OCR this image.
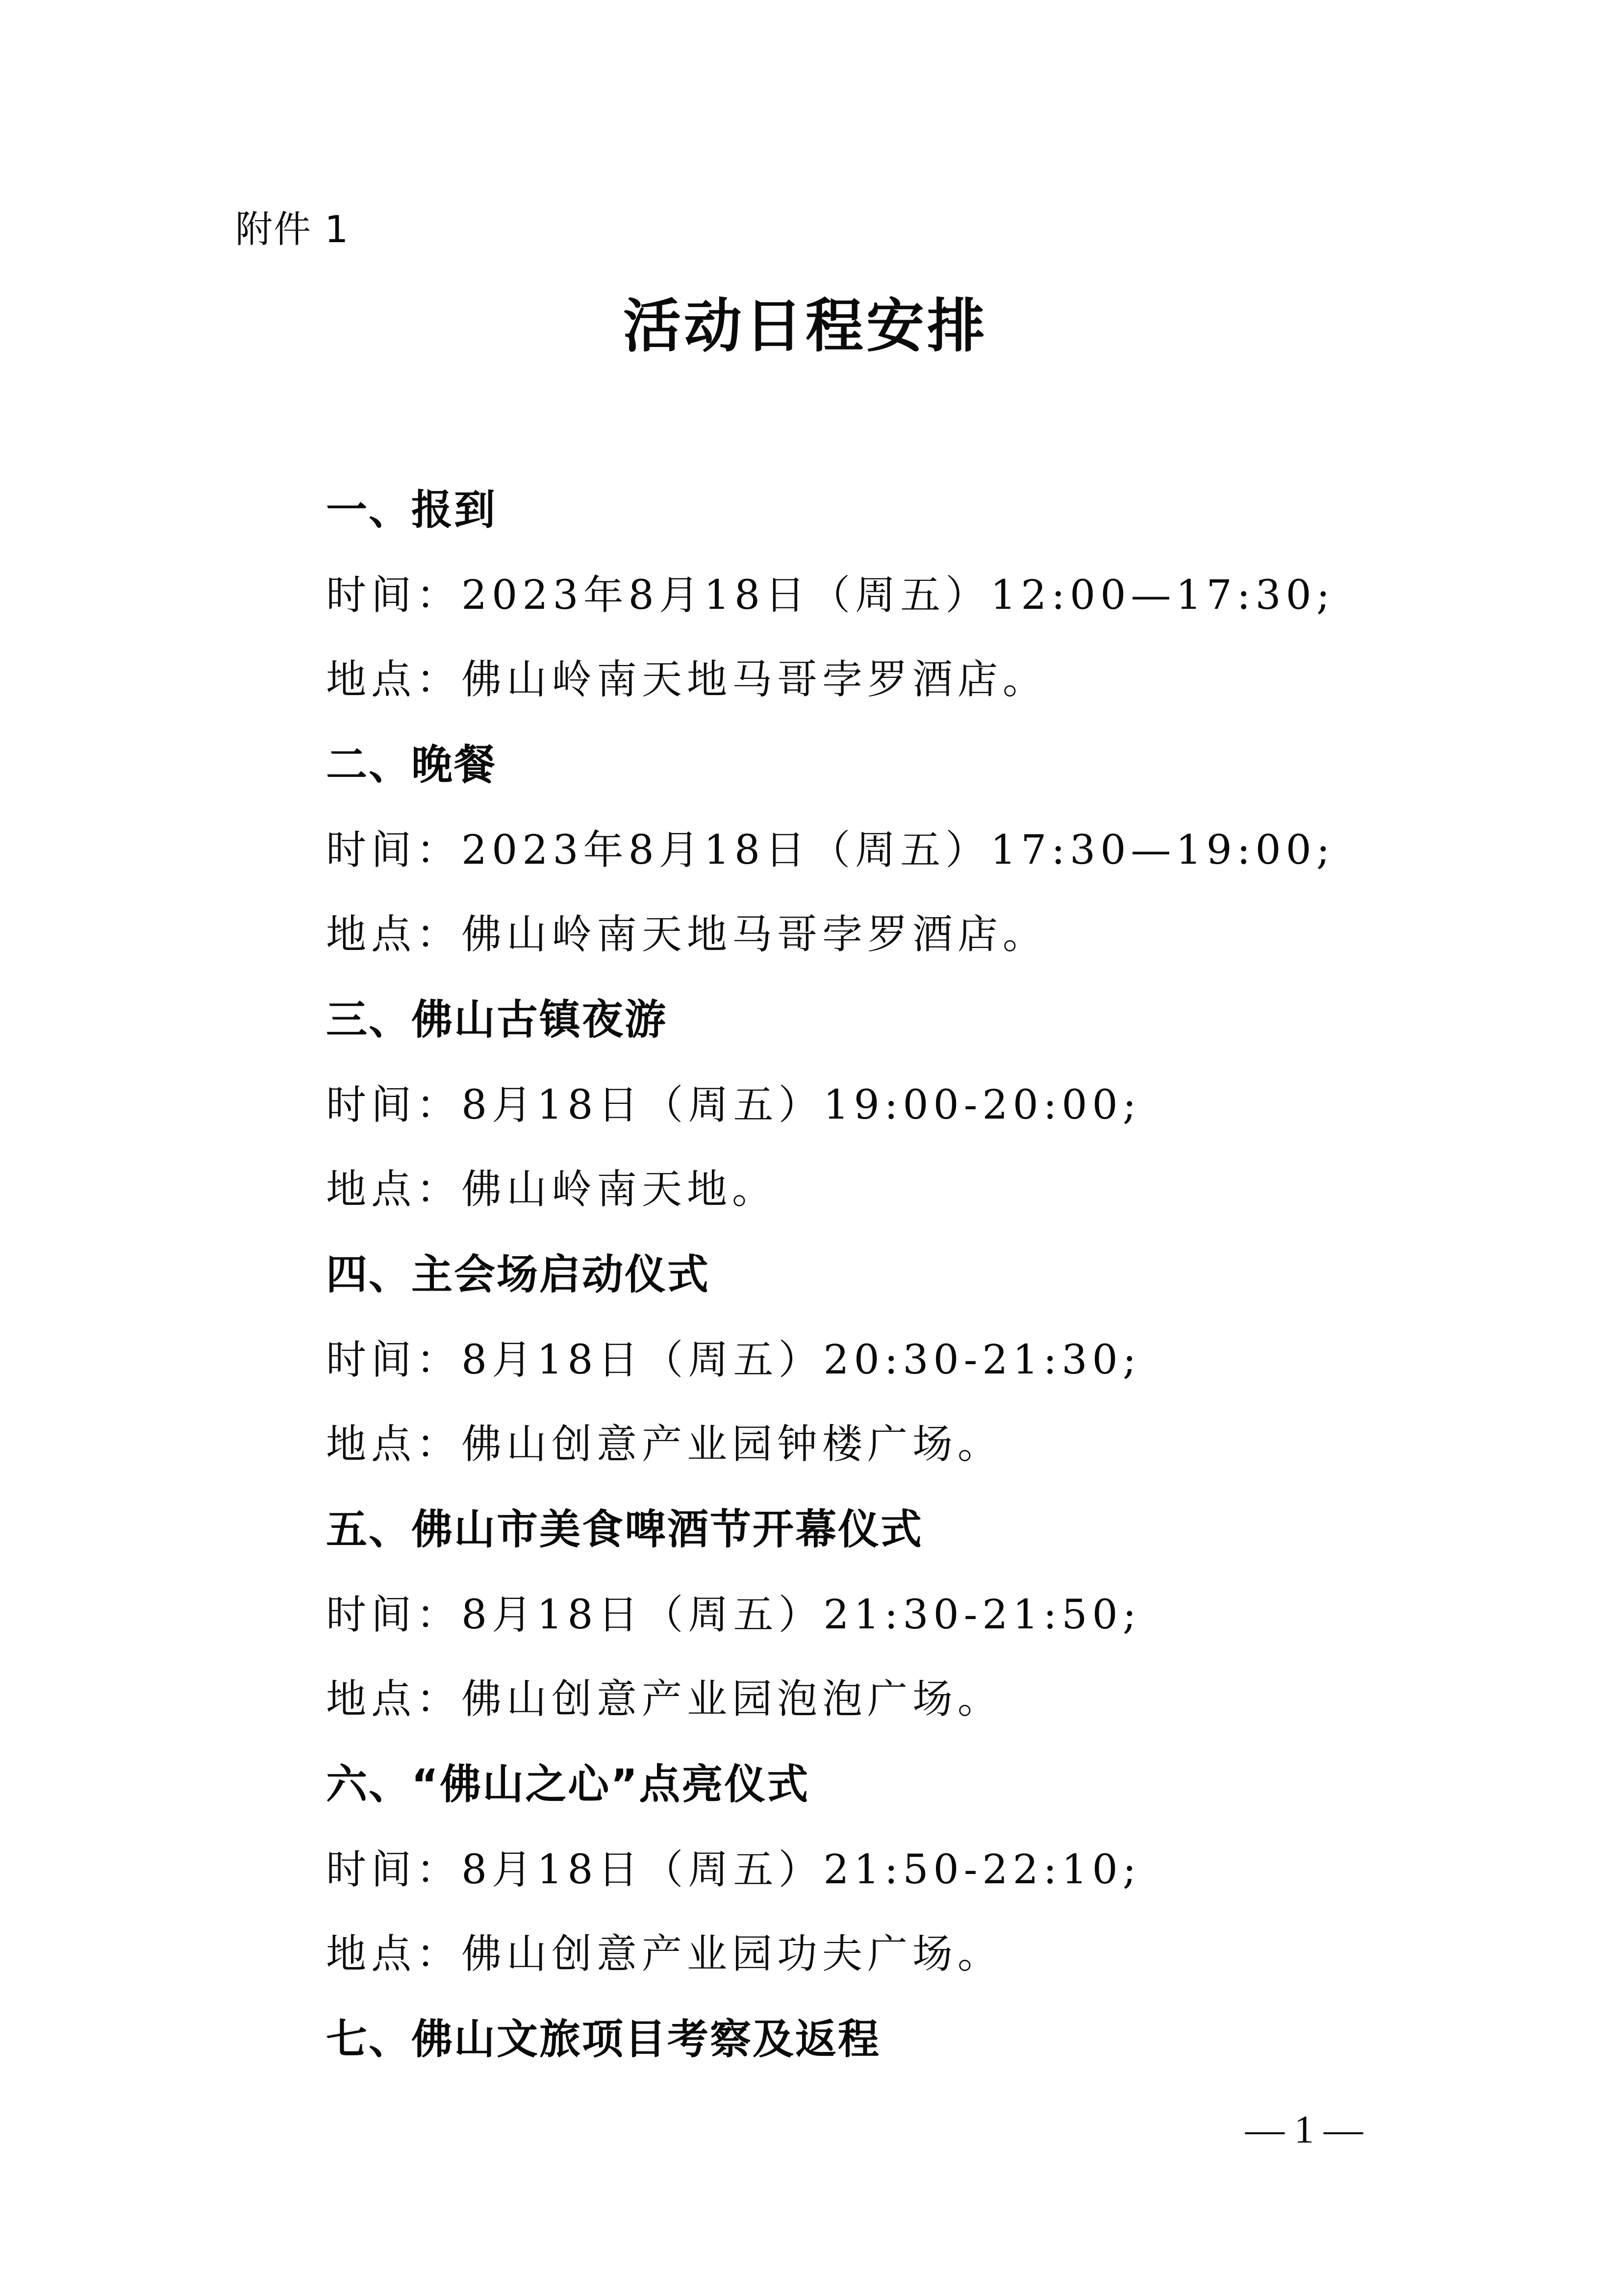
附件 1
活动日程安排
一、报到
时间：2023年8月18日（周五）12:00—17:30;
地点：佛山岭南天地马哥孛罗酒店。
二、晚餐
时间：2023年8月18日（周五）17:30—19:00;
地点：佛山岭南天地马哥孛罗酒店。
三、佛山古镇夜游
时间：8月18日（周五）19:00-20:00;
地点：佛山岭南天地。
四、主会场启动仪式
时间：8月18日（周五）20:30-21:30;
地点：佛山创意产业园钟楼广场。
五、佛山市美食啤酒节开幕仪式
时间：8月18日（周五）21:30-21:50;
地点：佛山创意产业园泡泡广场。
六、“佛山之心”点亮仪式
时间：8月18日（周五）21:50-22:10;
地点：佛山创意产业园功夫广场。
七、佛山文旅项目考察及返程
— 1 —
